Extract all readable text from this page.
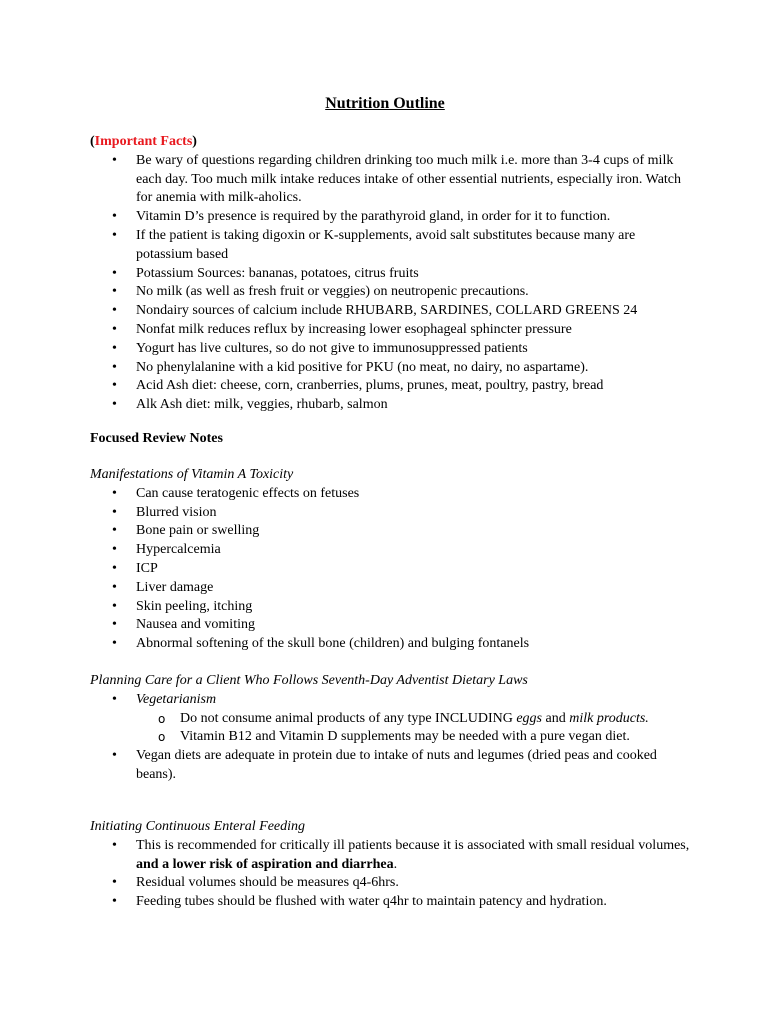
Nutrition Outline

(Important Facts)

• Be wary of questions regarding children drinking too much milk i.e. more than 3-4 cups of milk each day. Too much milk intake reduces intake of other essential nutrients, especially iron. Watch for anemia with milk-aholics.
• Vitamin D’s presence is required by the parathyroid gland, in order for it to function.
• If the patient is taking digoxin or K-supplements, avoid salt substitutes because many are potassium based
• Potassium Sources: bananas, potatoes, citrus fruits
• No milk (as well as fresh fruit or veggies) on neutropenic precautions.
• Nondairy sources of calcium include RHUBARB, SARDINES, COLLARD GREENS 24
• Nonfat milk reduces reflux by increasing lower esophageal sphincter pressure
• Yogurt has live cultures, so do not give to immunosuppressed patients
• No phenylalanine with a kid positive for PKU (no meat, no dairy, no aspartame).
• Acid Ash diet: cheese, corn, cranberries, plums, prunes, meat, poultry, pastry, bread
• Alk Ash diet: milk, veggies, rhubarb, salmon

Focused Review Notes

Manifestations of Vitamin A Toxicity

• Can cause teratogenic effects on fetuses
• Blurred vision
• Bone pain or swelling
• Hypercalcemia
• ICP
• Liver damage
• Skin peeling, itching
• Nausea and vomiting
• Abnormal softening of the skull bone (children) and bulging fontanels

Planning Care for a Client Who Follows Seventh-Day Adventist Dietary Laws

• Vegetarianism
o Do not consume animal products of any type INCLUDING eggs and milk products.
o Vitamin B12 and Vitamin D supplements may be needed with a pure vegan diet.
• Vegan diets are adequate in protein due to intake of nuts and legumes (dried peas and cooked beans).

Initiating Continuous Enteral Feeding

• This is recommended for critically ill patients because it is associated with small residual volumes, and a lower risk of aspiration and diarrhea.
• Residual volumes should be measures q4-6hrs.
• Feeding tubes should be flushed with water q4hr to maintain patency and hydration.
